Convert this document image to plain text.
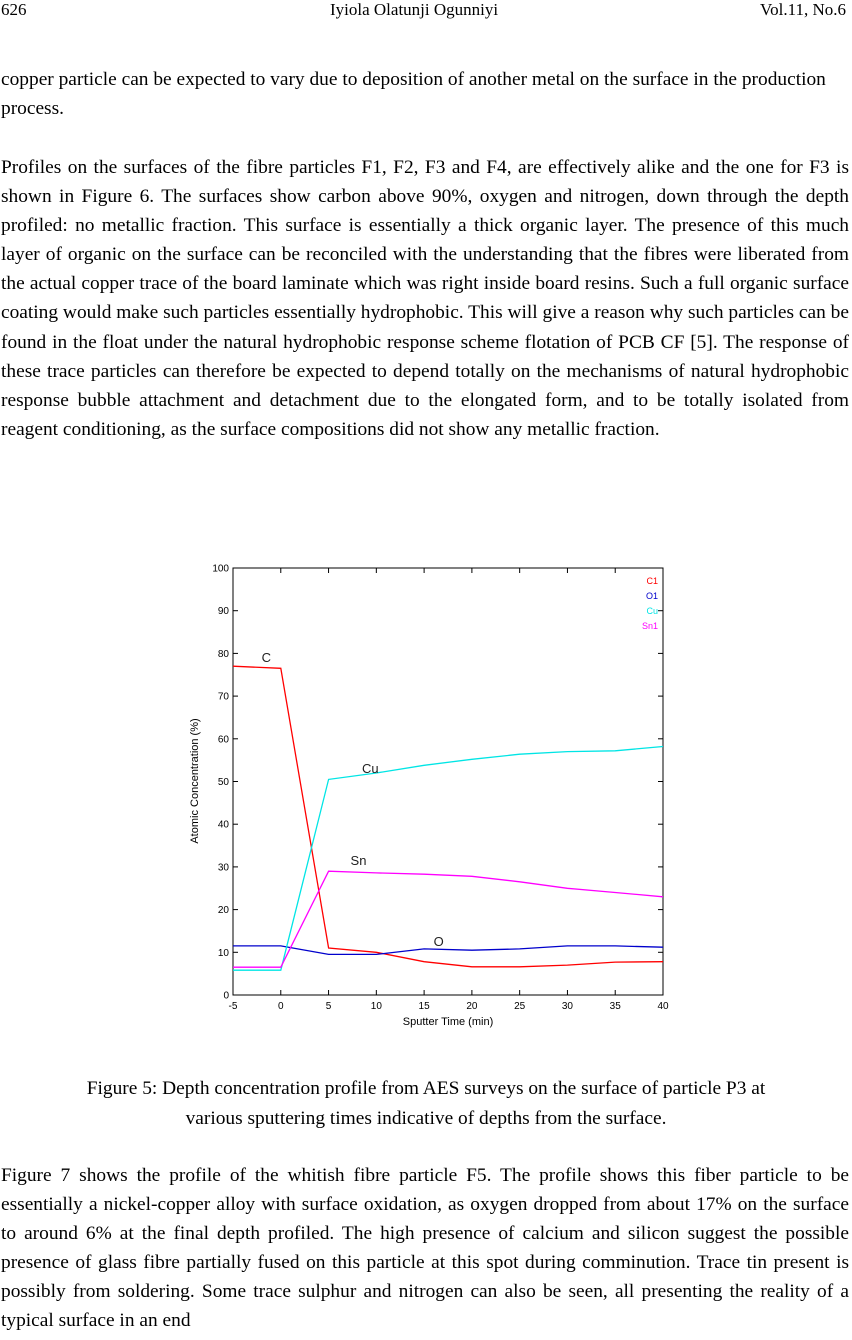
626	Iyiola Olatunji Ogunniyi	Vol.11, No.6

copper particle can be expected to vary due to deposition of another metal on the surface in the production process.

Profiles on the surfaces of the fibre particles F1, F2, F3 and F4, are effectively alike and the one for F3 is shown in Figure 6. The surfaces show carbon above 90%, oxygen and nitrogen, down through the depth profiled: no metallic fraction. This surface is essentially a thick organic layer. The presence of this much layer of organic on the surface can be reconciled with the understanding that the fibres were liberated from the actual copper trace of the board laminate which was right inside board resins. Such a full organic surface coating would make such particles essentially hydrophobic. This will give a reason why such particles can be found in the float under the natural hydrophobic response scheme flotation of PCB CF [5]. The response of these trace particles can therefore be expected to depend totally on the mechanisms of natural hydrophobic response bubble attachment and detachment due to the elongated form, and to be totally isolated from reagent conditioning, as the surface compositions did not show any metallic fraction.

-5	0	5	10	15	20	25	30	35	40
0
10
20
30
40
50
60
70
80
90
100
C
Cu
Sn
O
C1
O1
Cu
Sn1
Sputter Time (min)
Atomic Concentration (%)
Figure 5: Depth concentration profile from AES surveys on the surface of particle P3 at
various sputtering times indicative of depths from the surface.

Figure 7 shows the profile of the whitish fibre particle F5. The profile shows this fiber particle to be essentially a nickel-copper alloy with surface oxidation, as oxygen dropped from about 17% on the surface to around 6% at the final depth profiled. The high presence of calcium and silicon suggest the possible presence of glass fibre partially fused on this particle at this spot during comminution. Trace tin present is possibly from soldering. Some trace sulphur and nitrogen can also be seen, all presenting the reality of a typical surface in an end
